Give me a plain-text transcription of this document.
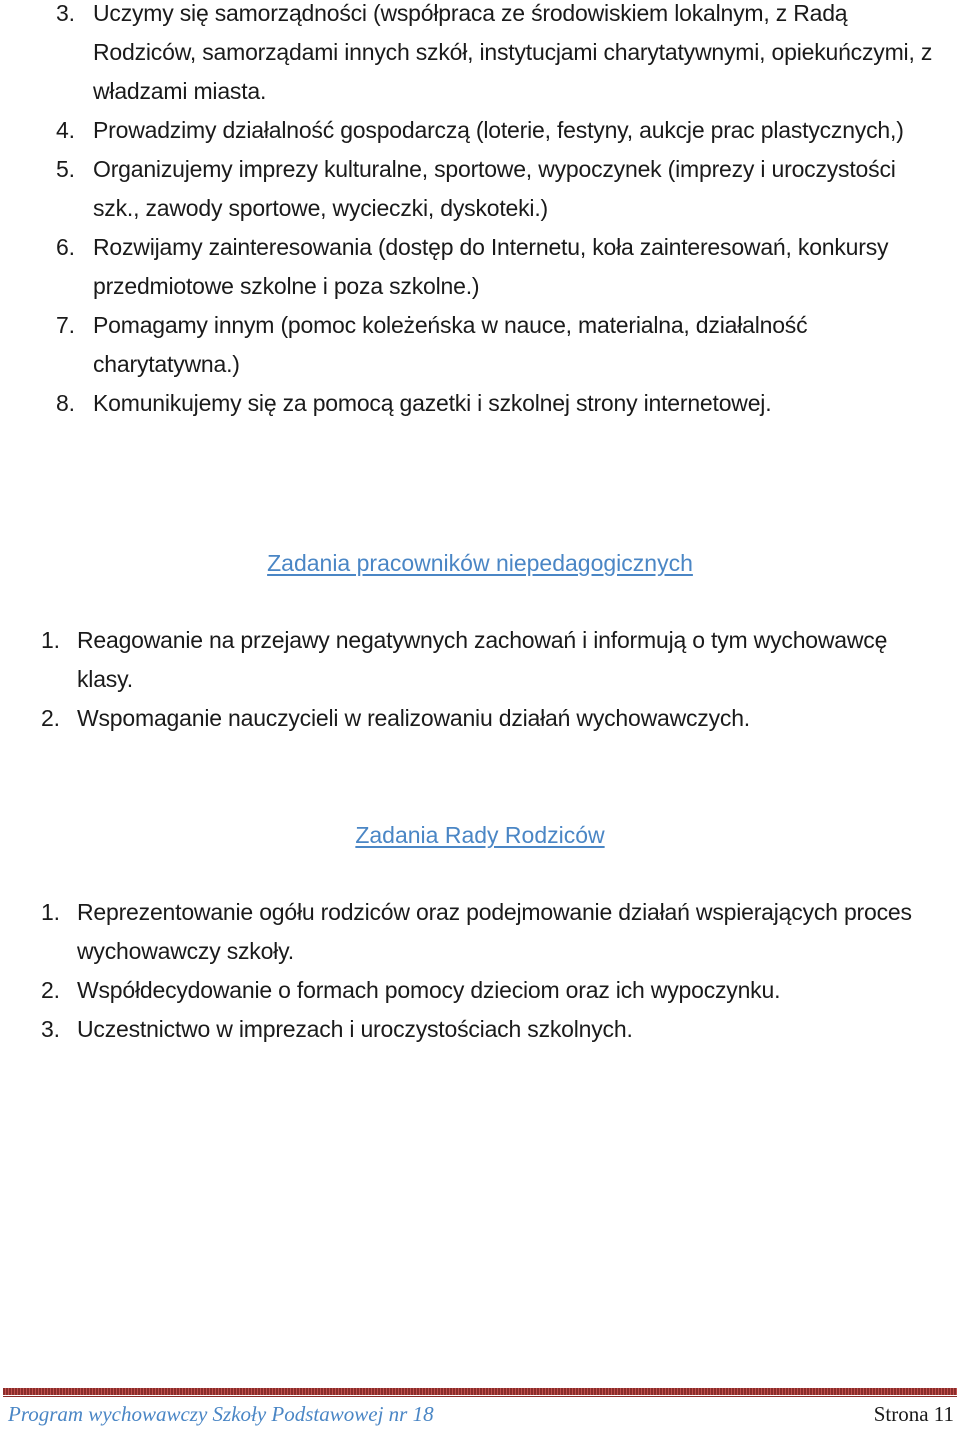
3. Uczymy się samorządności (współpraca ze środowiskiem lokalnym, z Radą Rodziców, samorządami innych szkół, instytucjami charytatywnymi, opiekuńczymi, z władzami miasta.
4. Prowadzimy działalność gospodarczą (loterie, festyny, aukcje prac plastycznych,)
5. Organizujemy imprezy kulturalne, sportowe, wypoczynek (imprezy i uroczystości szk., zawody sportowe, wycieczki, dyskoteki.)
6. Rozwijamy zainteresowania (dostęp do Internetu, koła zainteresowań, konkursy przedmiotowe szkolne i poza szkolne.)
7. Pomagamy innym (pomoc koleżeńska w nauce, materialna, działalność charytatywna.)
8. Komunikujemy się za pomocą gazetki i szkolnej strony internetowej.
Zadania pracowników niepedagogicznych
1. Reagowanie na przejawy negatywnych zachowań i informują o tym wychowawcę klasy.
2. Wspomaganie nauczycieli w realizowaniu działań wychowawczych.
Zadania Rady Rodziców
1. Reprezentowanie ogółu rodziców oraz podejmowanie działań wspierających proces wychowawczy szkoły.
2. Współdecydowanie o formach pomocy dzieciom oraz ich wypoczynku.
3. Uczestnictwo w imprezach i uroczystościach szkolnych.
Program wychowawczy Szkoły Podstawowej nr 18	Strona 11
